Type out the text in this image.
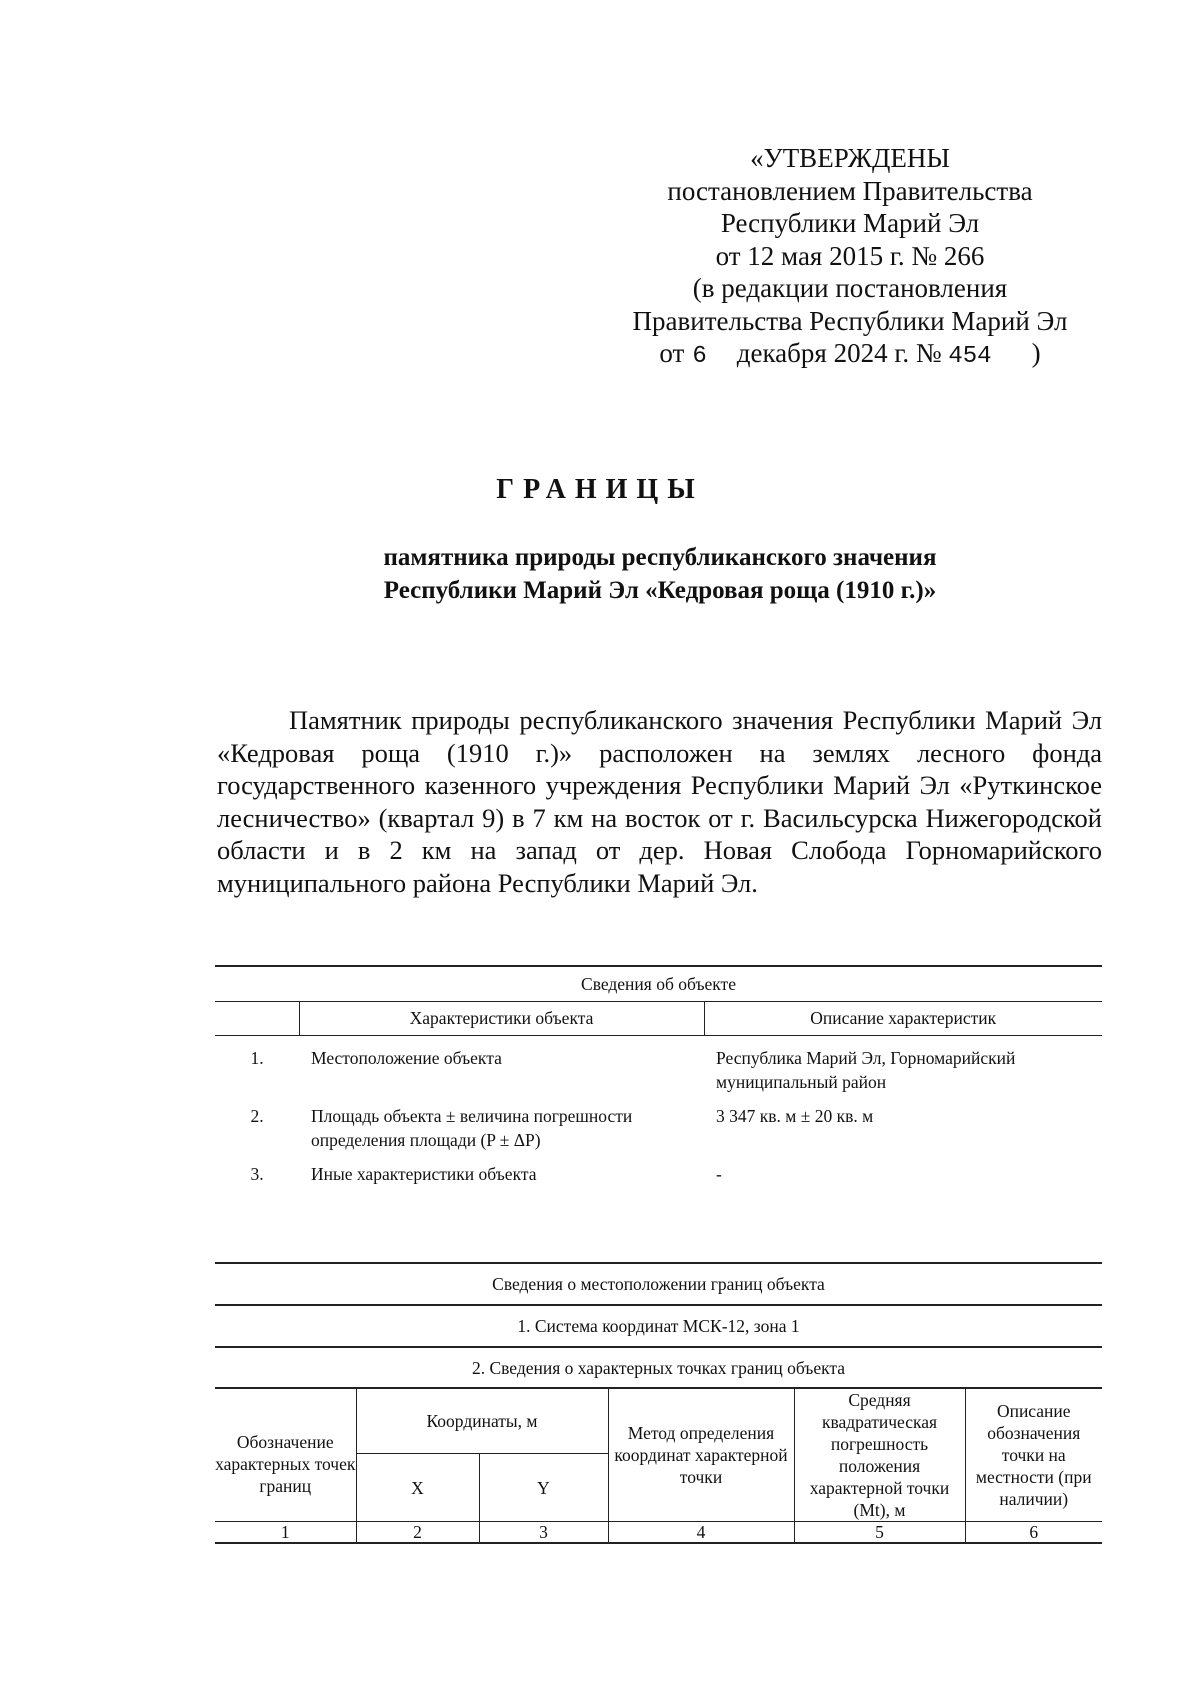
«УТВЕРЖДЕНЫ
постановлением Правительства
Республики Марий Эл
от 12 мая 2015 г. № 266
(в редакции постановления
Правительства Республики Марий Эл
от 6 декабря 2024 г. № 454 )
ГРАНИЦЫ
памятника природы республиканского значения
Республики Марий Эл «Кедровая роща (1910 г.)»
Памятник природы республиканского значения Республики Марий Эл «Кедровая роща (1910 г.)» расположен на землях лесного фонда государственного казенного учреждения Республики Марий Эл «Руткинское лесничество» (квартал 9) в 7 км на восток от г. Васильсурска Нижегородской области и в 2 км на запад от дер. Новая Слобода Горномарийского муниципального района Республики Марий Эл.
Сведения об объекте		
	Характеристики объекта	Описание характеристик
1.	Местоположение объекта	Республика Марий Эл, Горномарийский муниципальный район
2.	Площадь объекта ± величина погрешности определения площади (P ± ΔP)	3 347 кв. м ± 20 кв. м
3.	Иные характеристики объекта	-
Сведения о местоположении границ объекта					
1. Система координат МСК-12, зона 1					
2. Сведения о характерных точках границ объекта					
Обозначение характерных точек границ	Координаты, м		Метод определения координат характерной точки	Средняя квадратическая погрешность положения характерной точки (Mt), м	Описание обозначения точки на местности (при наличии)
	X	Y			
1	2	3	4	5	6
